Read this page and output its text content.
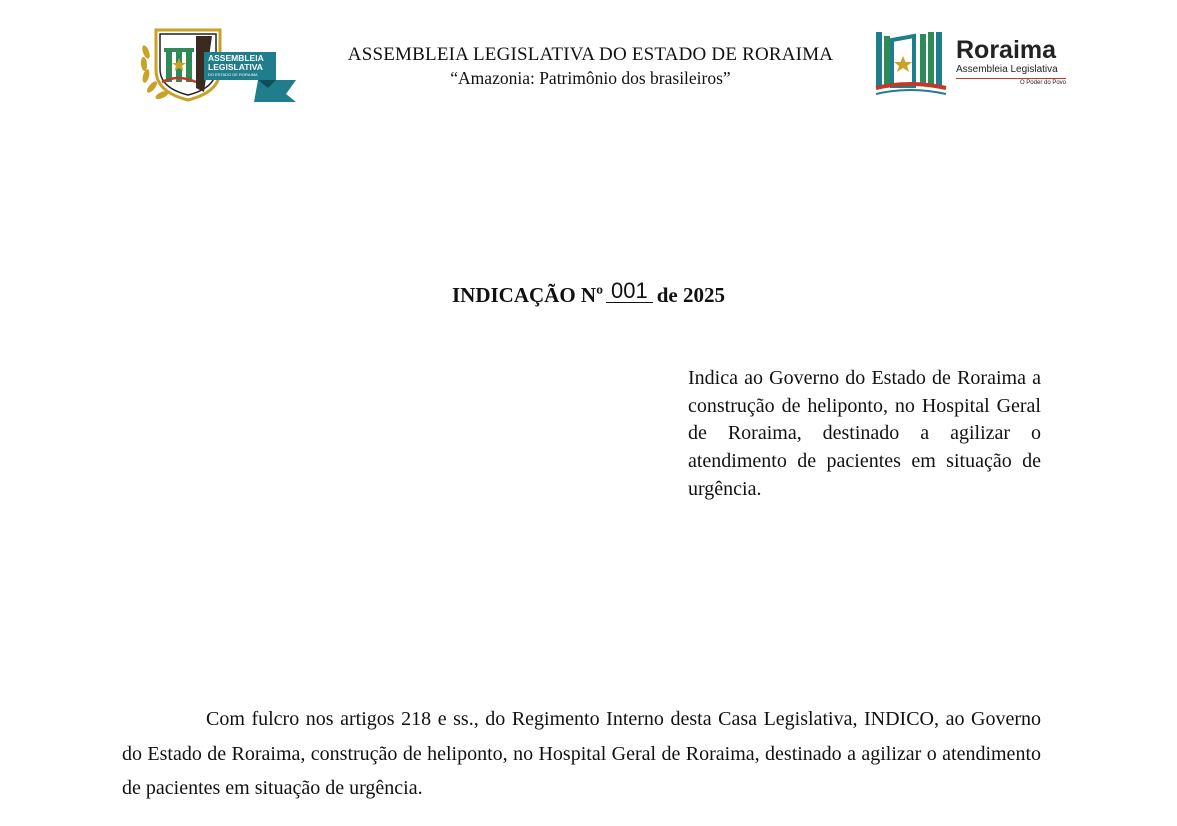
ASSEMBLEIA
LEGISLATIVA
DO ESTADO DE RORAIMA
ASSEMBLEIA LEGISLATIVA DO ESTADO DE RORAIMA
“Amazonia: Patrimônio dos brasileiros”
Roraima
Assembleia Legislativa
O Poder do Povo
INDICAÇÃO Nº 001 de 2025

Indica ao Governo do Estado de Roraima a construção de heliponto, no Hospital Geral de Roraima, destinado a agilizar o atendimento de pacientes em situação de urgência.

Com fulcro nos artigos 218 e ss., do Regimento Interno desta Casa Legislativa, INDICO, ao Governo do Estado de Roraima, construção de heliponto, no Hospital Geral de Roraima, destinado a agilizar o atendimento de pacientes em situação de urgência.
